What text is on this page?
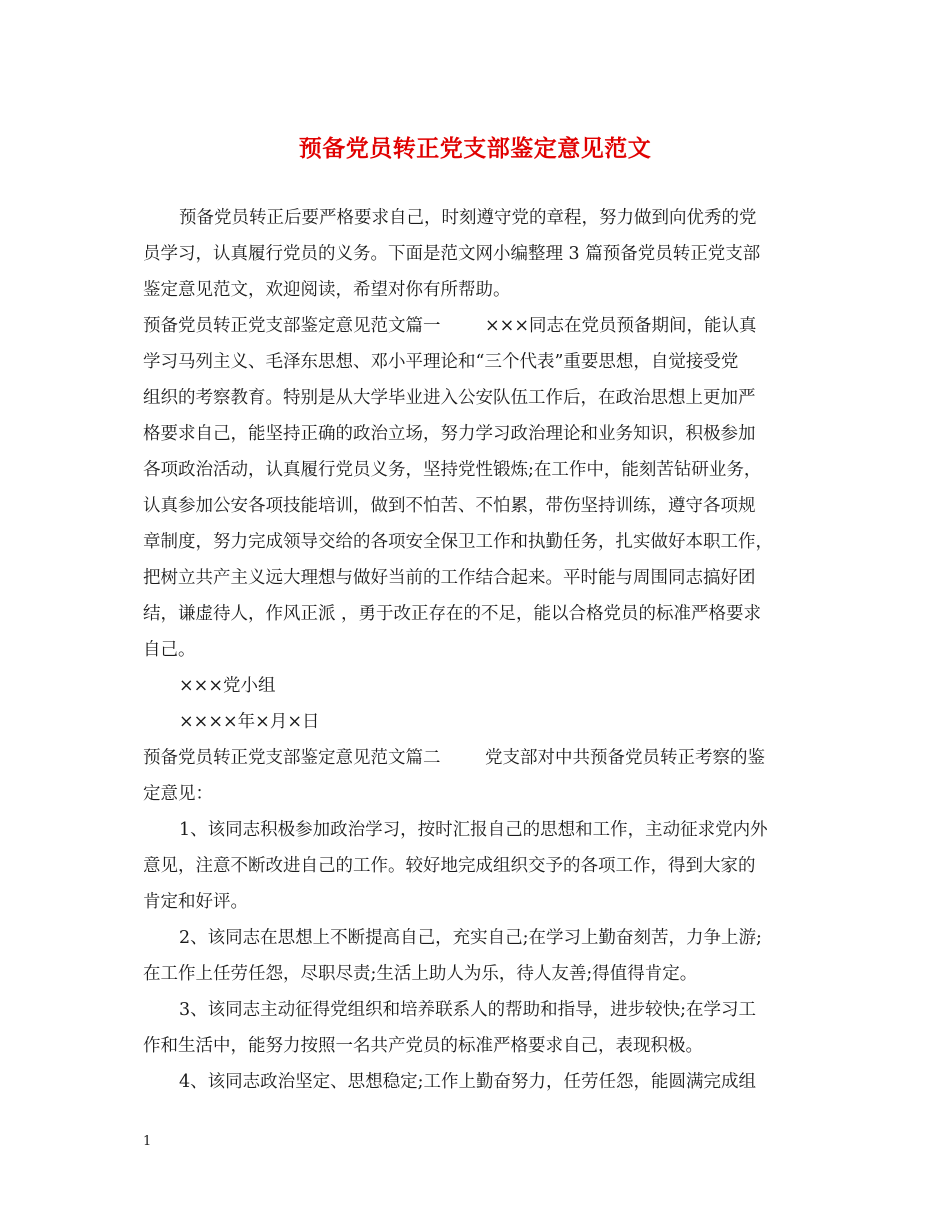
预备党员转正党支部鉴定意见范文
预备党员转正后要严格要求自己，时刻遵守党的章程，努力做到向优秀的党
员学习，认真履行党员的义务。下面是范文网小编整理 3 篇预备党员转正党支部
鉴定意见范文，欢迎阅读，希望对你有所帮助。
预备党员转正党支部鉴定意见范文篇一        ×××同志在党员预备期间，能认真
学习马列主义、毛泽东思想、邓小平理论和“三个代表”重要思想，自觉接受党
组织的考察教育。特别是从大学毕业进入公安队伍工作后，在政治思想上更加严
格要求自己，能坚持正确的政治立场，努力学习政治理论和业务知识，积极参加
各项政治活动，认真履行党员义务，坚持党性锻炼;在工作中，能刻苦钻研业务，
认真参加公安各项技能培训，做到不怕苦、不怕累，带伤坚持训练，遵守各项规
章制度，努力完成领导交给的各项安全保卫工作和执勤任务，扎实做好本职工作，
把树立共产主义远大理想与做好当前的工作结合起来。平时能与周围同志搞好团
结，谦虚待人，作风正派 ，勇于改正存在的不足，能以合格党员的标准严格要求
自己。
×××党小组
××××年×月×日
预备党员转正党支部鉴定意见范文篇二        党支部对中共预备党员转正考察的鉴
定意见：
1、该同志积极参加政治学习，按时汇报自己的思想和工作，主动征求党内外
意见，注意不断改进自己的工作。较好地完成组织交予的各项工作，得到大家的
肯定和好评。
2、该同志在思想上不断提高自己，充实自己;在学习上勤奋刻苦，力争上游;
在工作上任劳任怨，尽职尽责;生活上助人为乐，待人友善;得值得肯定。
3、该同志主动征得党组织和培养联系人的帮助和指导，进步较快;在学习工
作和生活中，能努力按照一名共产党员的标准严格要求自己，表现积极。
4、该同志政治坚定、思想稳定;工作上勤奋努力，任劳任怨，能圆满完成组
1
